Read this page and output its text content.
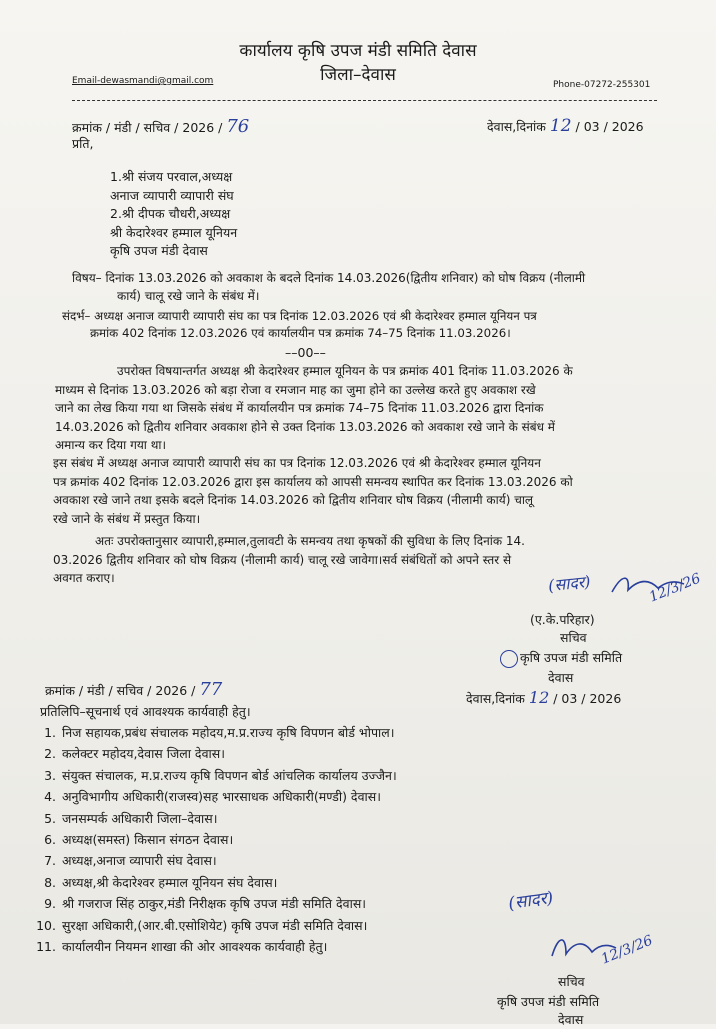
कार्यालय कृषि उपज मंडी समिति देवास
जिला–देवास
Email-dewasmandi@gmail.com	Phone-07272-255301
क्रमांक / मंडी / सचिव / 2026 / 76	देवास,दिनांक 12 / 03 / 2026
प्रति,
1.श्री संजय परवाल,अध्यक्ष
अनाज व्यापारी व्यापारी संघ
2.श्री दीपक चौधरी,अध्यक्ष
श्री केदारेश्वर हम्माल यूनियन
कृषि उपज मंडी देवास
विषय– दिनांक 13.03.2026 को अवकाश के बदले दिनांक 14.03.2026(द्वितीय शनिवार) को घोष विक्रय (नीलामी
कार्य) चालू रखे जाने के संबंध में।
संदर्भ– अध्यक्ष अनाज व्यापारी व्यापारी संघ का पत्र दिनांक 12.03.2026 एवं श्री केदारेश्वर हम्माल यूनियन पत्र
क्रमांक 402 दिनांक 12.03.2026 एवं कार्यालयीन पत्र क्रमांक 74–75 दिनांक 11.03.2026।
––00––
उपरोक्त विषयान्तर्गत अध्यक्ष श्री केदारेश्वर हम्माल यूनियन के पत्र क्रमांक 401 दिनांक 11.03.2026 के
माध्यम से दिनांक 13.03.2026 को बड़ा रोजा व रमजान माह का जुमा होने का उल्लेख करते हुए अवकाश रखे
जाने का लेख किया गया था जिसके संबंध में कार्यालयीन पत्र क्रमांक 74–75 दिनांक 11.03.2026 द्वारा दिनांक
14.03.2026 को द्वितीय शनिवार अवकाश होने से उक्त दिनांक 13.03.2026 को अवकाश रखे जाने के संबंध में
अमान्य कर दिया गया था।
इस संबंध में अध्यक्ष अनाज व्यापारी व्यापारी संघ का पत्र दिनांक 12.03.2026 एवं श्री केदारेश्वर हम्माल यूनियन
पत्र क्रमांक 402 दिनांक 12.03.2026 द्वारा इस कार्यालय को आपसी समन्वय स्थापित कर दिनांक 13.03.2026 को
अवकाश रखे जाने तथा इसके बदले दिनांक 14.03.2026 को द्वितीय शनिवार घोष विक्रय (नीलामी कार्य) चालू
रखे जाने के संबंध में प्रस्तुत किया।
अतः उपरोक्तानुसार व्यापारी,हम्माल,तुलावटी के समन्वय तथा कृषकों की सुविधा के लिए दिनांक 14.
03.2026 द्वितीय शनिवार को घोष विक्रय (नीलामी कार्य) चालू रखे जावेगा।सर्व संबंधितों को अपने स्तर से
अवगत कराए।	(सादर)	12/3/26
(ए.के.परिहार)
सचिव
कृषि उपज मंडी समिति
देवास
क्रमांक / मंडी / सचिव / 2026 / 77	देवास,दिनांक 12 / 03 / 2026
प्रतिलिपि–सूचनार्थ एवं आवश्यक कार्यवाही हेतु।
1. निज सहायक,प्रबंध संचालक महोदय,म.प्र.राज्य कृषि विपणन बोर्ड भोपाल।
2. कलेक्टर महोदय,देवास जिला देवास।
3. संयुक्त संचालक, म.प्र.राज्य कृषि विपणन बोर्ड आंचलिक कार्यालय उज्जैन।
4. अनुविभागीय अधिकारी(राजस्व)सह भारसाधक अधिकारी(मण्डी) देवास।
5. जनसम्पर्क अधिकारी जिला–देवास।
6. अध्यक्ष(समस्त) किसान संगठन देवास।
7. अध्यक्ष,अनाज व्यापारी संघ देवास।
8. अध्यक्ष,श्री केदारेश्वर हम्माल यूनियन संघ देवास।
9. श्री गजराज सिंह ठाकुर,मंडी निरीक्षक कृषि उपज मंडी समिति देवास।
10. सुरक्षा अधिकारी,(आर.बी.एसोशियेट) कृषि उपज मंडी समिति देवास।
11. कार्यालयीन नियमन शाखा की ओर आवश्यक कार्यवाही हेतु।
(सादर)
12/3/26
सचिव
कृषि उपज मंडी समिति
देवास
